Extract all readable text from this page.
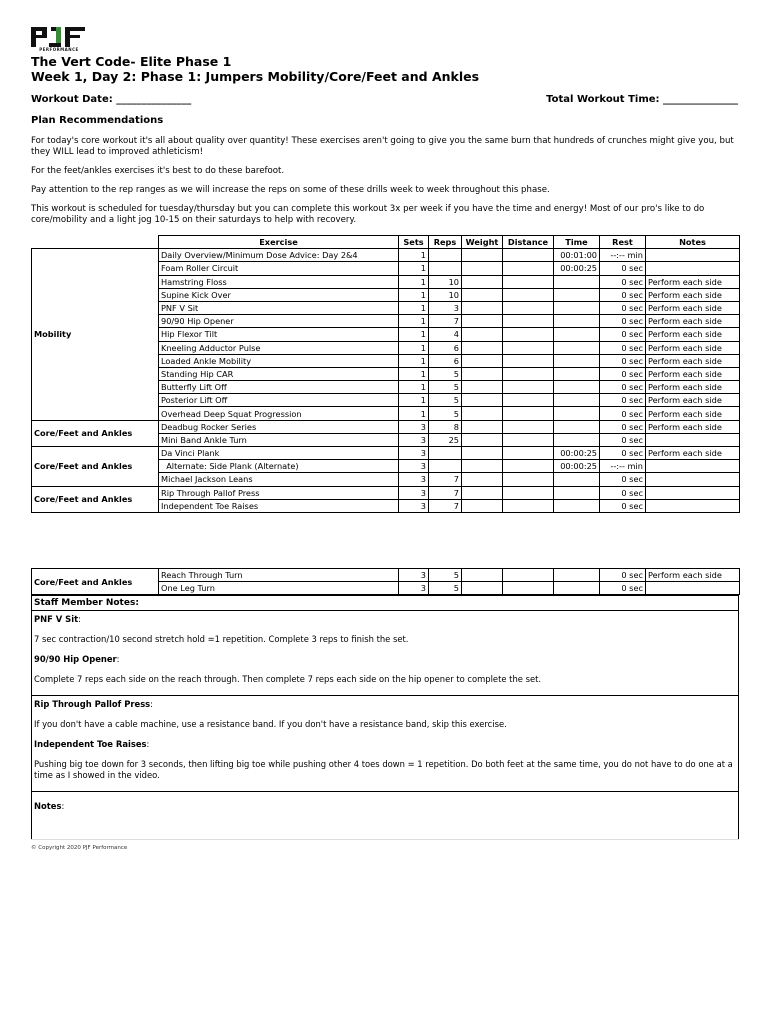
PERFORMANCE
The Vert Code- Elite Phase 1
Week 1, Day 2: Phase 1: Jumpers Mobility/Core/Feet and Ankles
Workout Date: _______________	Total Workout Time: _______________
Plan Recommendations
For today's core workout it's all about quality over quantity! These exercises aren't going to give you the same burn that hundreds of crunches might give you, but they WILL lead to improved athleticism!
For the feet/ankles exercises it's best to do these barefoot.
Pay attention to the rep ranges as we will increase the reps on some of these drills week to week throughout this phase.
This workout is scheduled for tuesday/thursday but you can complete this workout 3x per week if you have the time and energy! Most of our pro's like to do core/mobility and a light jog 10-15 on their saturdays to help with recovery.
	Exercise	Sets	Reps	Weight	Distance	Time	Rest	Notes
Mobility	Daily Overview/Minimum Dose Advice: Day 2&4	1				00:01:00	--:-- min	
	Foam Roller Circuit	1				00:00:25	0 sec	
	Hamstring Floss	1	10				0 sec	Perform each side
	Supine Kick Over	1	10				0 sec	Perform each side
	PNF V Sit	1	3				0 sec	Perform each side
	90/90 Hip Opener	1	7				0 sec	Perform each side
	Hip Flexor Tilt	1	4				0 sec	Perform each side
	Kneeling Adductor Pulse	1	6				0 sec	Perform each side
	Loaded Ankle Mobility	1	6				0 sec	Perform each side
	Standing Hip CAR	1	5				0 sec	Perform each side
	Butterfly Lift Off	1	5				0 sec	Perform each side
	Posterior Lift Off	1	5				0 sec	Perform each side
	Overhead Deep Squat Progression	1	5				0 sec	Perform each side
Core/Feet and Ankles	Deadbug Rocker Series	3	8				0 sec	Perform each side
	Mini Band Ankle Turn	3	25				0 sec	
Core/Feet and Ankles	Da Vinci Plank	3				00:00:25	0 sec	Perform each side
	Alternate: Side Plank (Alternate)	3				00:00:25	--:-- min	
	Michael Jackson Leans	3	7				0 sec	
Core/Feet and Ankles	Rip Through Pallof Press	3	7				0 sec	
	Independent Toe Raises	3	7				0 sec	
Core/Feet and Ankles	Reach Through Turn	3	5				0 sec	Perform each side
	One Leg Turn	3	5				0 sec	
Staff Member Notes:

PNF V Sit:

7 sec contraction/10 second stretch hold =1 repetition. Complete 3 reps to finish the set.

90/90 Hip Opener:

Complete 7 reps each side on the reach through. Then complete 7 reps each side on the hip opener to complete the set.

Rip Through Pallof Press:

If you don't have a cable machine, use a resistance band. If you don't have a resistance band, skip this exercise.

Independent Toe Raises:

Pushing big toe down for 3 seconds, then lifting big toe while pushing other 4 toes down = 1 repetition. Do both feet at the same time, you do not have to do one at a time as I showed in the video.

Notes:

© Copyright 2020 PJF Performance
